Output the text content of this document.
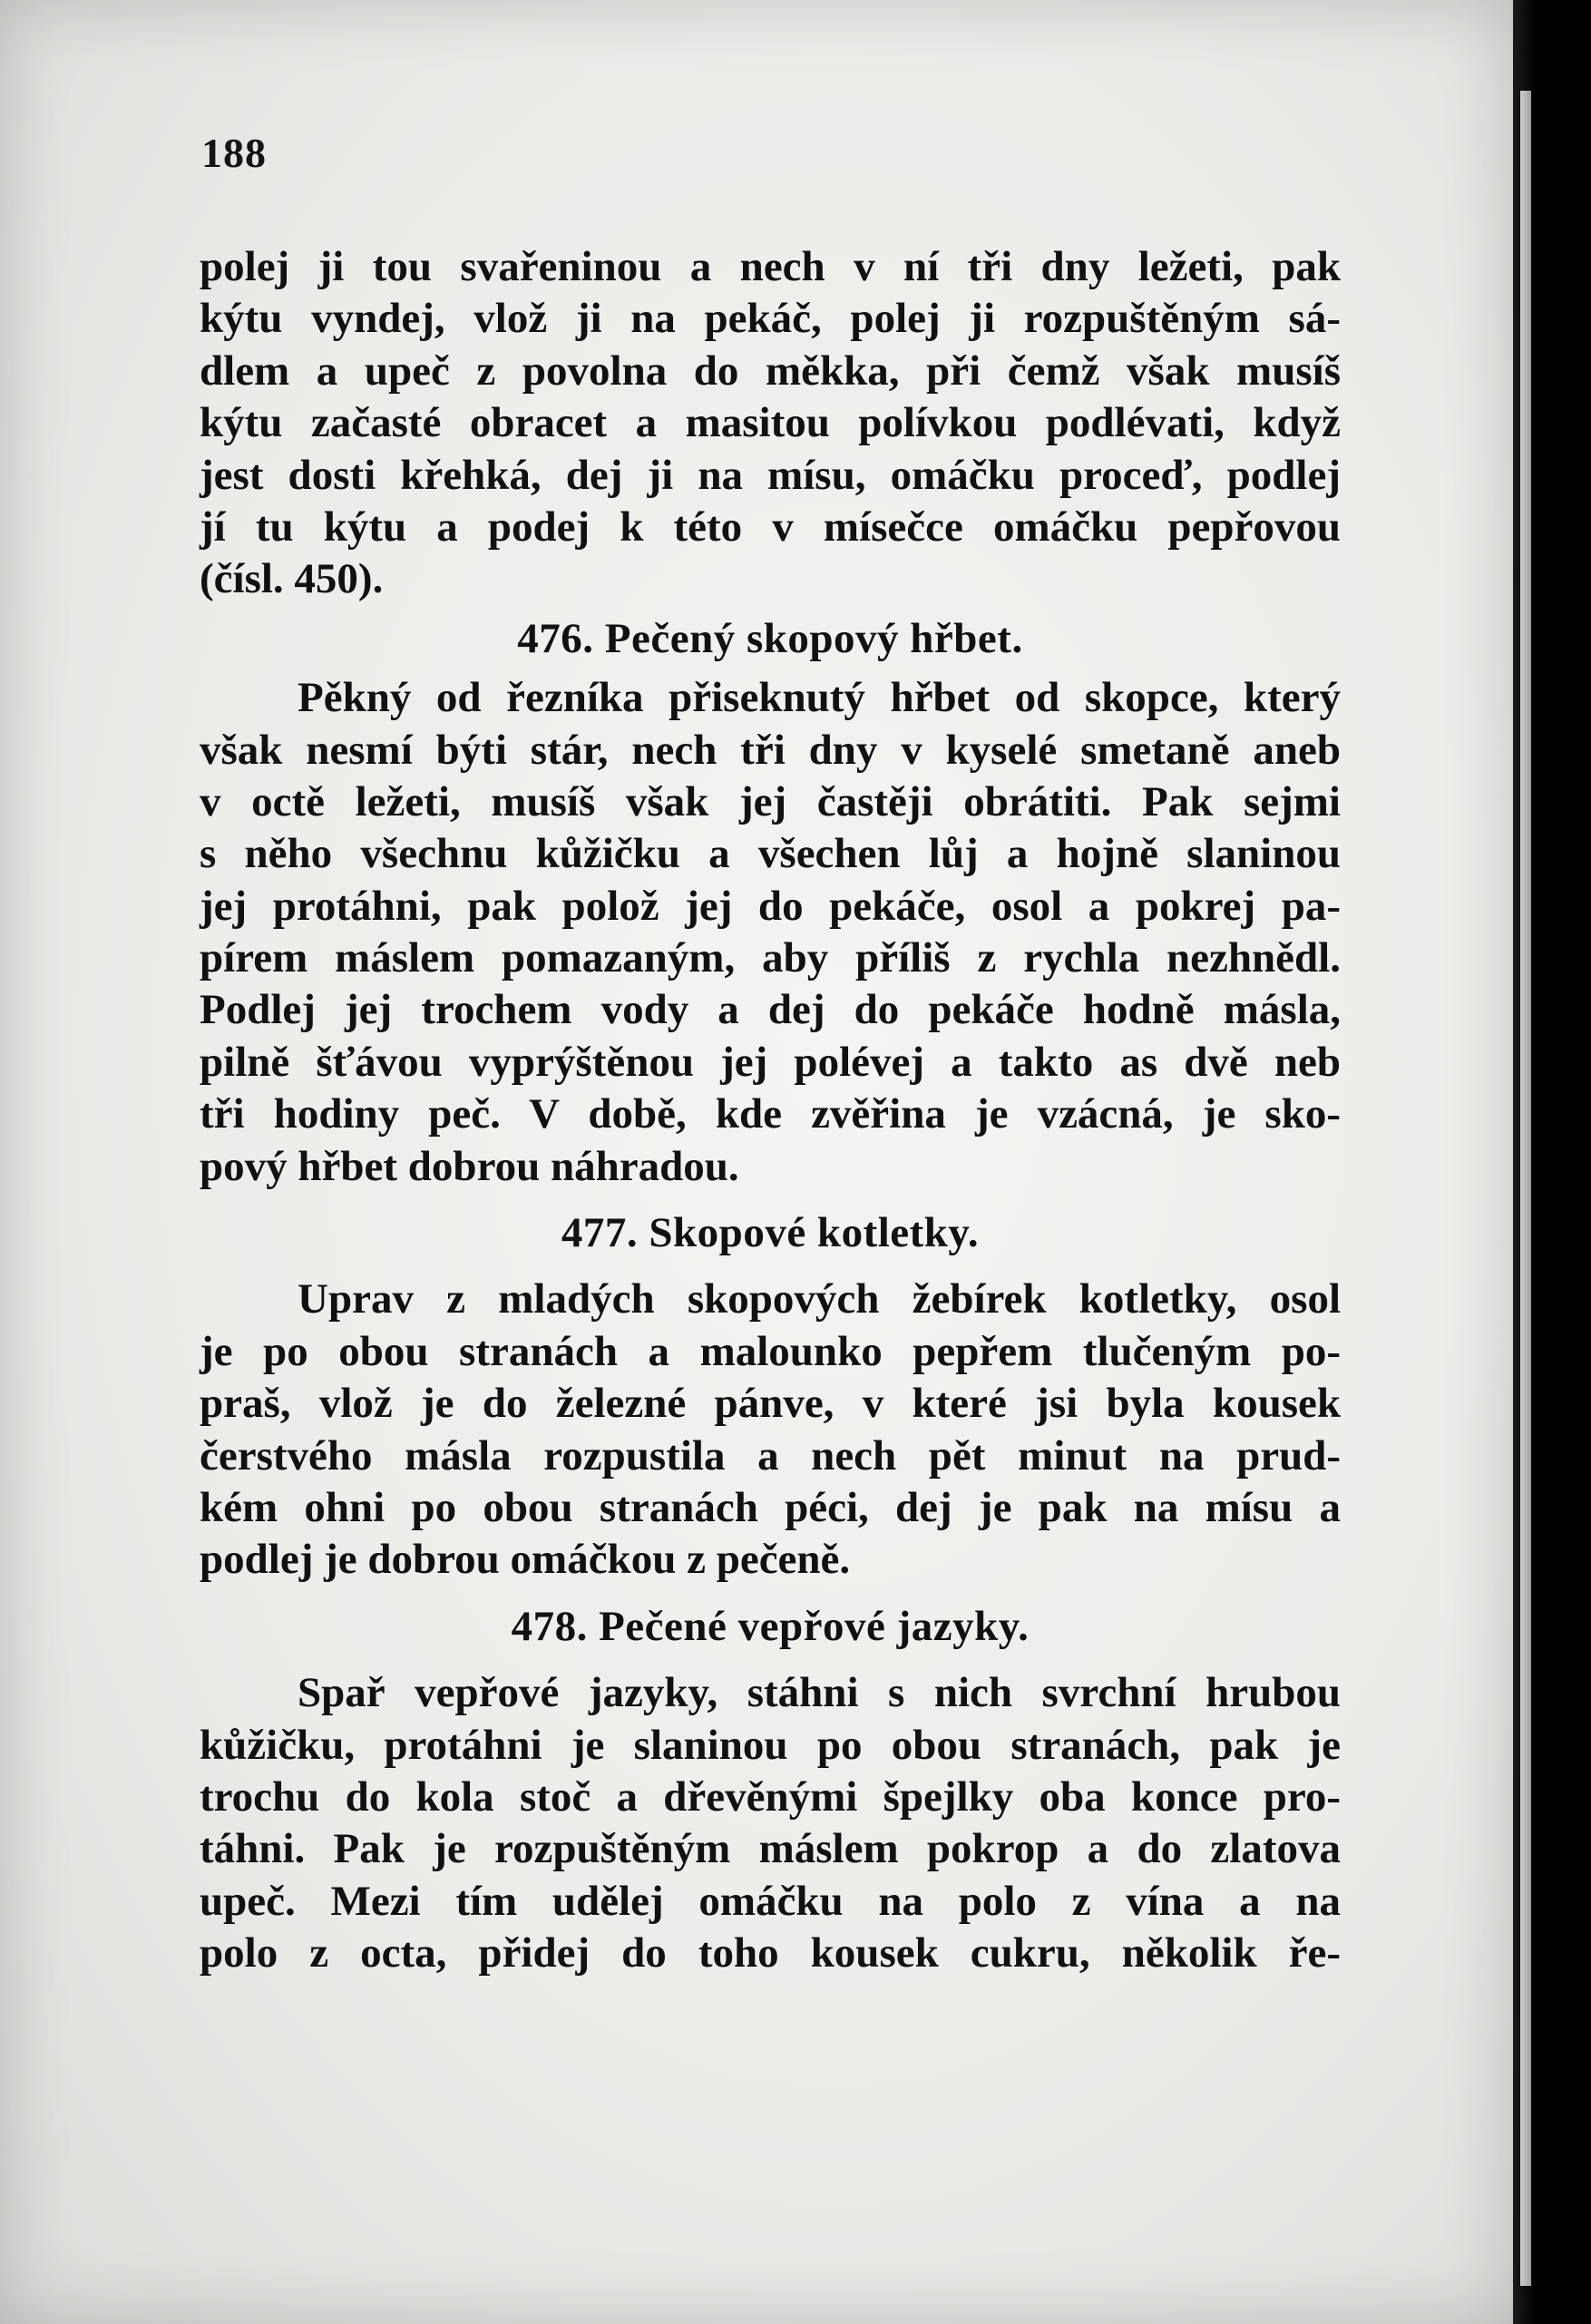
188
polej ji tou svařeninou a nech v ní tři dny ležeti, pak
kýtu vyndej, vlož ji na pekáč, polej ji rozpuštěným sá-
dlem a upeč z povolna do měkka, při čemž však musíš
kýtu začasté obracet a masitou polívkou podlévati, když
jest dosti křehká, dej ji na mísu, omáčku proceď, podlej
jí tu kýtu a podej k této v mísečce omáčku pepřovou
(čísl. 450).
476. Pečený skopový hřbet.
Pěkný od řezníka přiseknutý hřbet od skopce, který
však nesmí býti stár, nech tři dny v kyselé smetaně aneb
v octě ležeti, musíš však jej častěji obrátiti. Pak sejmi
s něho všechnu kůžičku a všechen lůj a hojně slaninou
jej protáhni, pak polož jej do pekáče, osol a pokrej pa-
pírem máslem pomazaným, aby příliš z rychla nezhnědl.
Podlej jej trochem vody a dej do pekáče hodně másla,
pilně šťávou vyprýštěnou jej polévej a takto as dvě neb
tři hodiny peč. V době, kde zvěřina je vzácná, je sko-
pový hřbet dobrou náhradou.
477. Skopové kotletky.
Uprav z mladých skopových žebírek kotletky, osol
je po obou stranách a malounko pepřem tlučeným po-
praš, vlož je do železné pánve, v které jsi byla kousek
čerstvého másla rozpustila a nech pět minut na prud-
kém ohni po obou stranách péci, dej je pak na mísu a
podlej je dobrou omáčkou z pečeně.
478. Pečené vepřové jazyky.
Spař vepřové jazyky, stáhni s nich svrchní hrubou
kůžičku, protáhni je slaninou po obou stranách, pak je
trochu do kola stoč a dřevěnými špejlky oba konce pro-
táhni. Pak je rozpuštěným máslem pokrop a do zlatova
upeč. Mezi tím udělej omáčku na polo z vína a na
polo z octa, přidej do toho kousek cukru, několik ře-
